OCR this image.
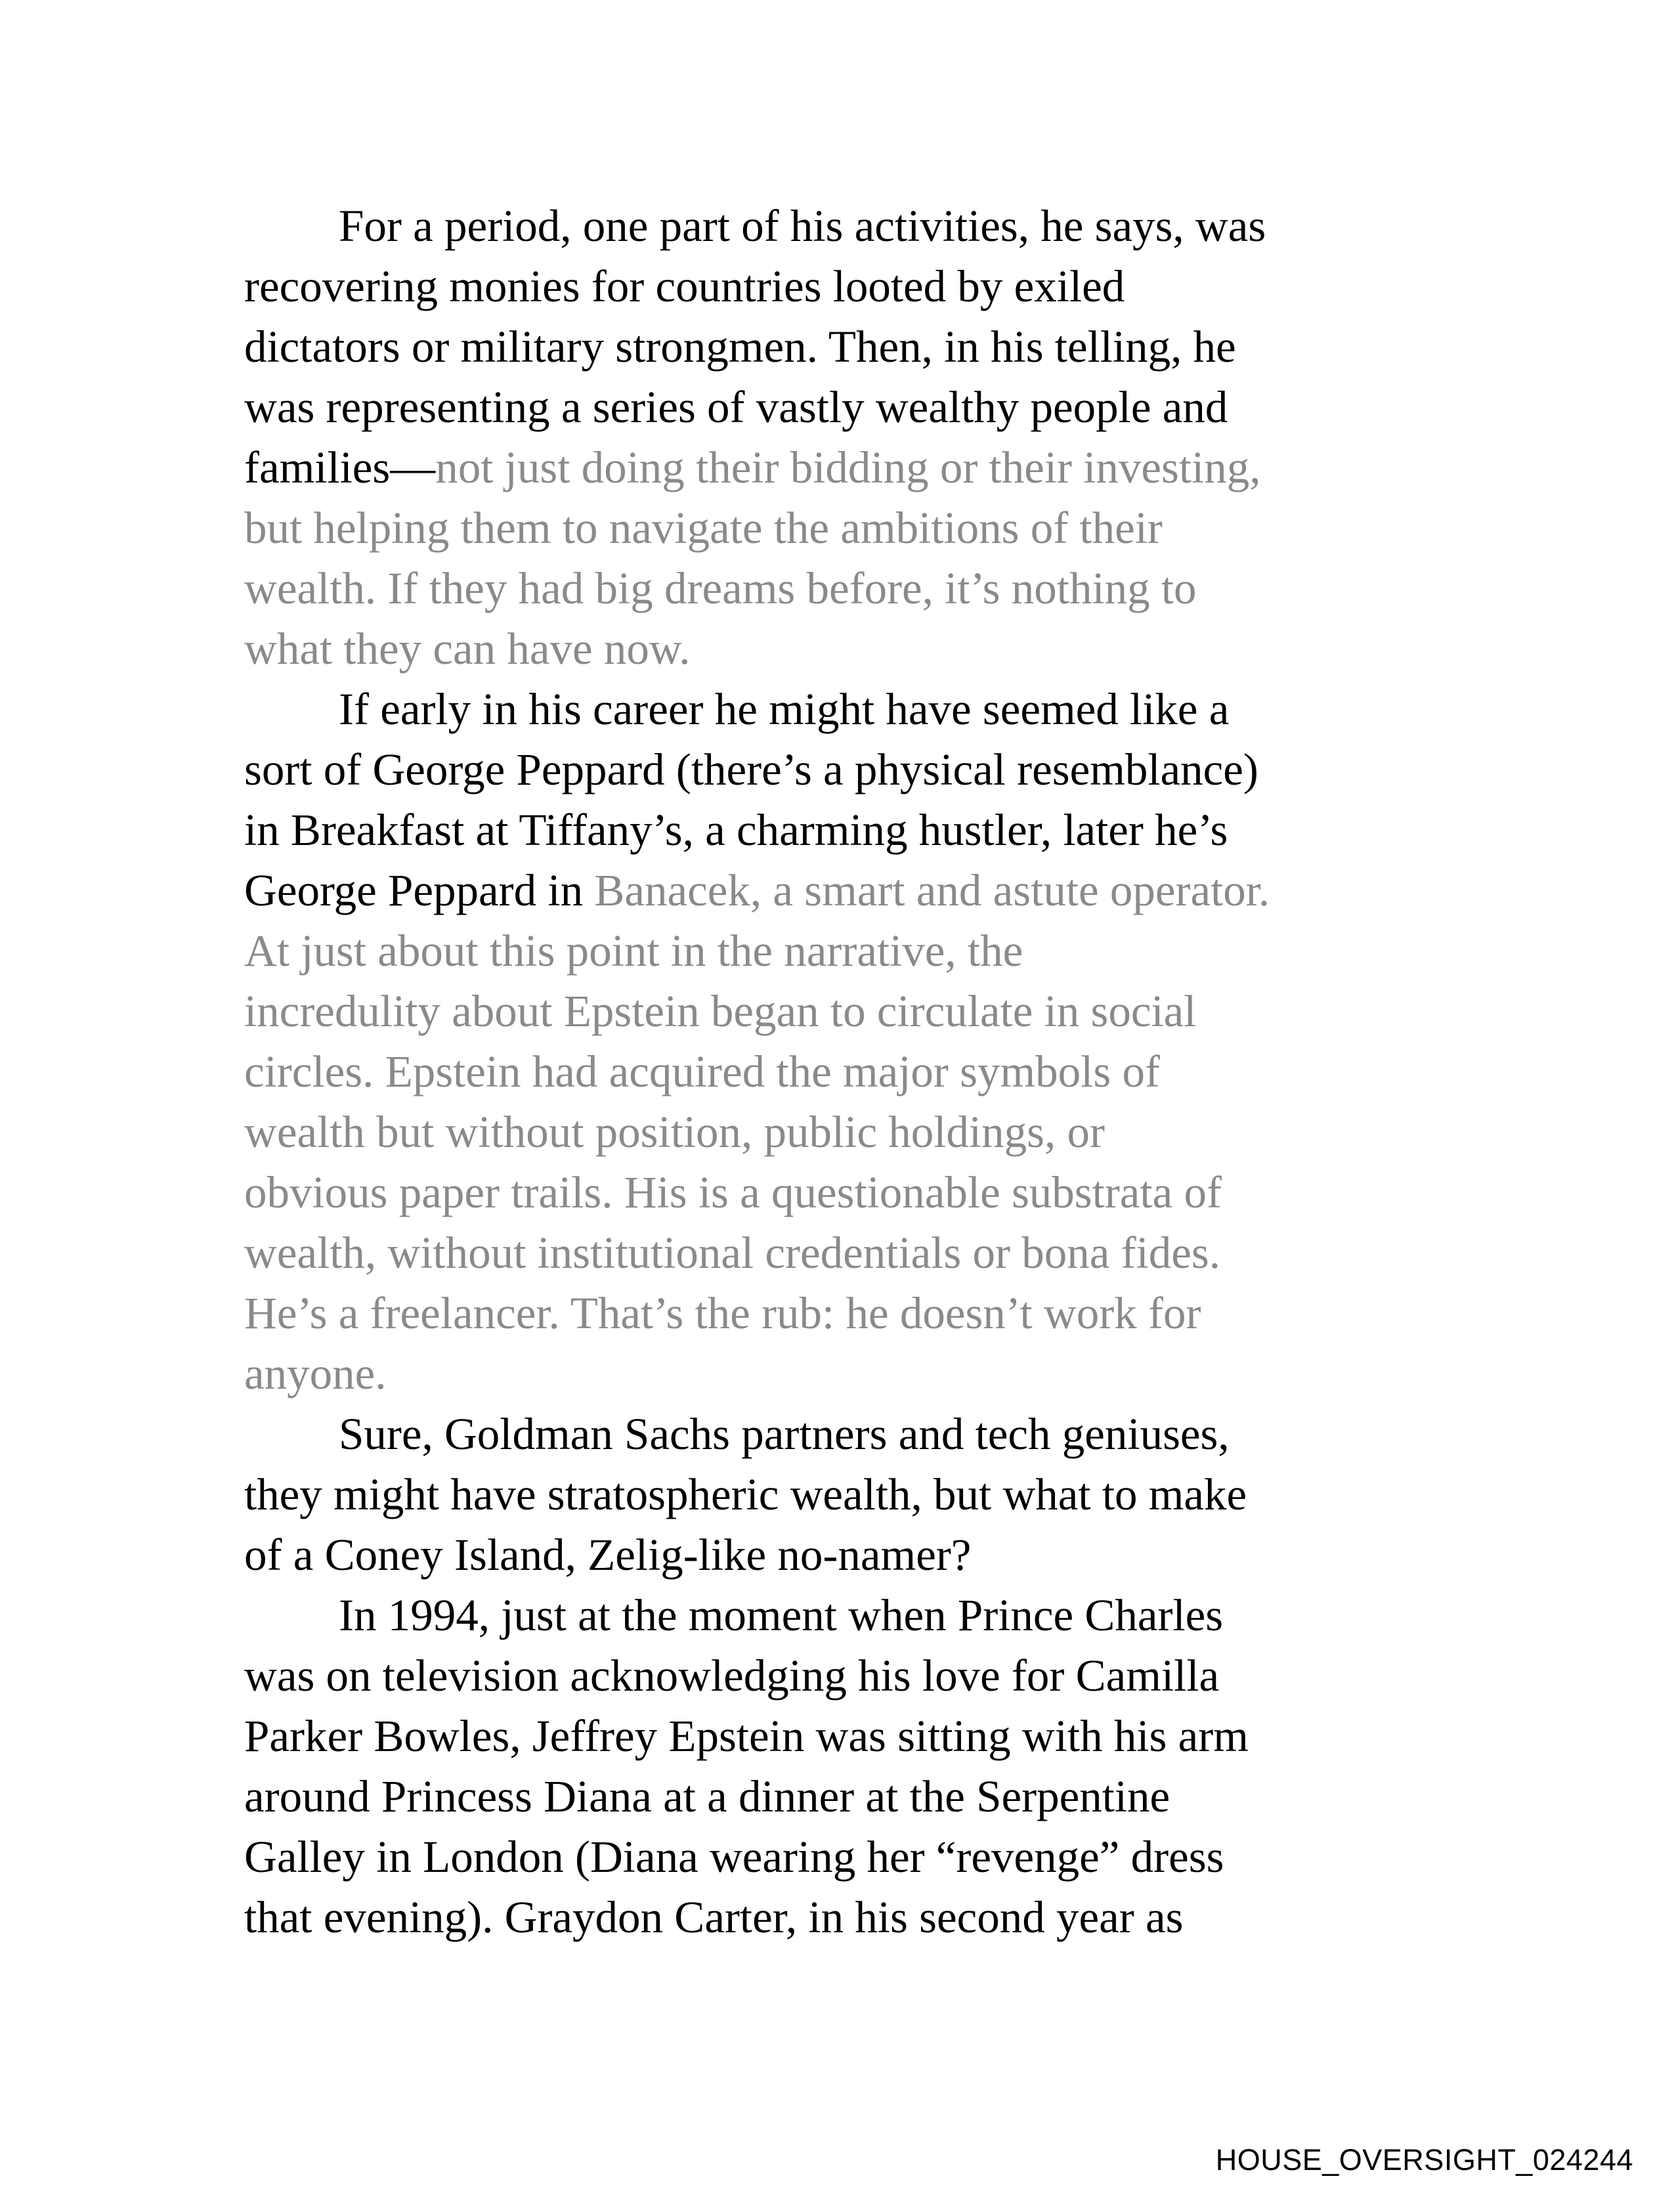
For a period, one part of his activities, he says, was
recovering monies for countries looted by exiled
dictators or military strongmen. Then, in his telling, he
was representing a series of vastly wealthy people and
families—not just doing their bidding or their investing,
but helping them to navigate the ambitions of their
wealth. If they had big dreams before, it’s nothing to
what they can have now.
If early in his career he might have seemed like a
sort of George Peppard (there’s a physical resemblance)
in Breakfast at Tiffany’s, a charming hustler, later he’s
George Peppard in Banacek, a smart and astute operator.
At just about this point in the narrative, the
incredulity about Epstein began to circulate in social
circles. Epstein had acquired the major symbols of
wealth but without position, public holdings, or
obvious paper trails. His is a questionable substrata of
wealth, without institutional credentials or bona fides.
He’s a freelancer. That’s the rub: he doesn’t work for
anyone.
Sure, Goldman Sachs partners and tech geniuses,
they might have stratospheric wealth, but what to make
of a Coney Island, Zelig-like no-namer?
In 1994, just at the moment when Prince Charles
was on television acknowledging his love for Camilla
Parker Bowles, Jeffrey Epstein was sitting with his arm
around Princess Diana at a dinner at the Serpentine
Galley in London (Diana wearing her “revenge” dress
that evening). Graydon Carter, in his second year as
HOUSE_OVERSIGHT_024244
